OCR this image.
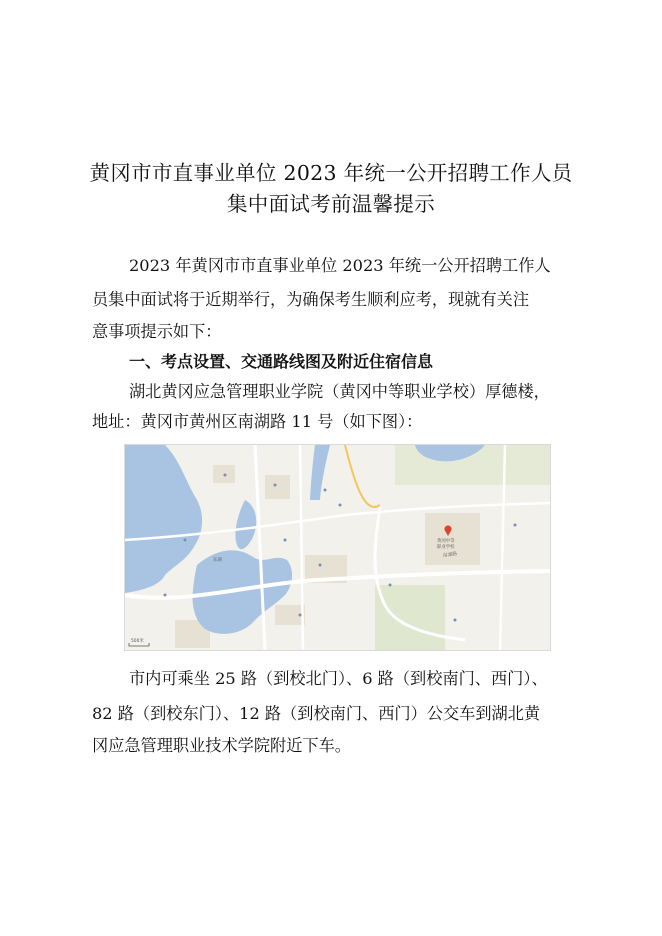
黄冈市市直事业单位 2023 年统一公开招聘工作人员
集中面试考前温馨提示
2023 年黄冈市市直事业单位 2023 年统一公开招聘工作人
员集中面试将于近期举行，为确保考生顺利应考，现就有关注
意事项提示如下：
一、考点设置、交通路线图及附近住宿信息
湖北黄冈应急管理职业学院（黄冈中等职业学校）厚德楼，
地址：黄冈市黄州区南湖路 11 号（如下图）：
东湖
南湖路
黄冈中等
职业学校
500米
市内可乘坐 25 路（到校北门）、6 路（到校南门、西门）、
82 路（到校东门）、12 路（到校南门、西门）公交车到湖北黄
冈应急管理职业技术学院附近下车。
